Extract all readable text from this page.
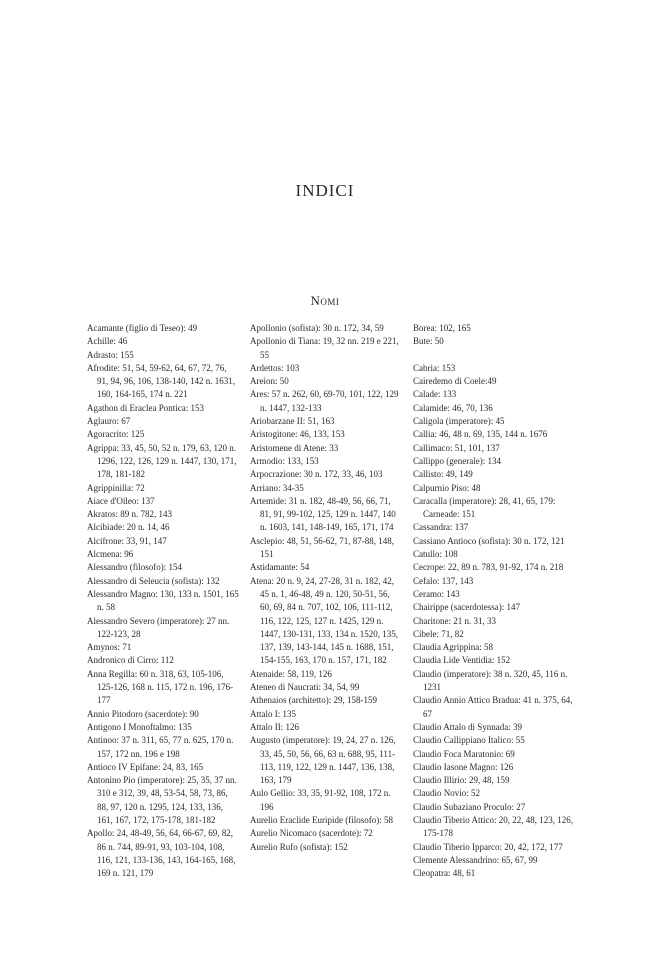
INDICI
Nomi
Acamante (figlio di Teseo): 49
Achille: 46
Adrasto: 155
Afrodite: 51, 54, 59-62, 64, 67, 72, 76, 91, 94, 96, 106, 138-140, 142 n. 1631, 160, 164-165, 174 n. 221
Agathon di Eraclea Pontica: 153
Aglauro: 67
Agoracrito: 125
Agrippa: 33, 45, 50, 52 n. 179, 63, 120 n. 1296, 122, 126, 129 n. 1447, 130, 171, 178, 181-182
Agrippinilla: 72
Aiace d'Oileo: 137
Akratos: 89 n. 782, 143
Alcibiade: 20 n. 14, 46
Alcifrone: 33, 91, 147
Alcmena: 96
Alessandro (filosofo): 154
Alessandro di Seleucia (sofista): 132
Alessandro Magno: 130, 133 n. 1501, 165 n. 58
Alessandro Severo (imperatore): 27 nn. 122-123, 28
Amynos: 71
Andronico di Cirro: 112
Anna Regilla: 60 n. 318, 63, 105-106, 125-126, 168 n. 115, 172 n. 196, 176-177
Annio Pitodoro (sacerdote): 90
Antigono I Monoftalmo: 135
Antinoo: 37 n. 311, 65, 77 n. 625, 170 n. 157, 172 nn. 196 e 198
Antioco IV Epifane: 24, 83, 165
Antonino Pio (imperatore): 25, 35, 37 nn. 310 e 312, 39, 48, 53-54, 58, 73, 86, 88, 97, 120 n. 1295, 124, 133, 136, 161, 167, 172, 175-178, 181-182
Apollo: 24, 48-49, 56, 64, 66-67, 69, 82, 86 n. 744, 89-91, 93, 103-104, 108, 116, 121, 133-136, 143, 164-165, 168, 169 n. 121, 179
Apollonio (sofista): 30 n. 172, 34, 59
Apollonio di Tiana: 19, 32 nn. 219 e 221, 55
Ardettos: 103
Areion: 50
Ares: 57 n. 262, 60, 69-70, 101, 122, 129 n. 1447, 132-133
Ariobarzane II: 51, 163
Aristogitone: 46, 133, 153
Aristomene di Atene: 33
Armodio: 133, 153
Arpocrazione: 30 n. 172, 33, 46, 103
Arriano: 34-35
Artemide: 31 n. 182, 48-49, 56, 66, 71, 81, 91, 99-102, 125, 129 n. 1447, 140 n. 1603, 141, 148-149, 165, 171, 174
Asclepio: 48, 51, 56-62, 71, 87-88, 148, 151
Astidamante: 54
Atena: 20 n. 9, 24, 27-28, 31 n. 182, 42, 45 n. 1, 46-48, 49 n. 120, 50-51, 56, 60, 69, 84 n. 707, 102, 106, 111-112, 116, 122, 125, 127 n. 1425, 129 n. 1447, 130-131, 133, 134 n. 1520, 135, 137, 139, 143-144, 145 n. 1688, 151, 154-155, 163, 170 n. 157, 171, 182
Atenaide: 58, 119, 126
Ateneo di Naucrati: 34, 54, 99
Athenaios (architetto): 29, 158-159
Attalo I: 135
Attalo II: 126
Augusto (imperatore): 19, 24, 27 n. 126, 33, 45, 50, 56, 66, 63 n. 688, 95, 111-113, 119, 122, 129 n. 1447, 136, 138, 163, 179
Aulo Gellio: 33, 35, 91-92, 108, 172 n. 196
Aurelio Eraclide Euripide (filosofo): 58
Aurelio Nicomaco (sacerdote): 72
Aurelio Rufo (sofista): 152
Borea: 102, 165
Bute: 50
Cabria: 153
Cairedemo di Coele:49
Calade: 133
Calamide: 46, 70, 136
Caligola (imperatore): 45
Callia: 46, 48 n. 69, 135, 144 n. 1676
Callimaco: 51, 101, 137
Callippo (generale): 134
Callisto: 49, 149
Calpurnio Piso: 48
Caracalla (imperatore): 28, 41, 65, 179: Carneade: 151
Cassandra: 137
Cassiano Antioco (sofista): 30 n. 172, 121
Catullo: 108
Cecrope: 22, 89 n. 783, 91-92, 174 n. 218
Cefalo: 137, 143
Ceramo: 143
Chairippe (sacerdotessa): 147
Charitone: 21 n. 31, 33
Cibele: 71, 82
Claudia Agrippina: 58
Claudia Lide Ventidia: 152
Claudio (imperatore): 38 n. 320, 45, 116 n. 1231
Claudio Annio Attico Bradua: 41 n. 375, 64, 67
Claudio Attalo di Synnada: 39
Claudio Callippiano Italico: 55
Claudio Foca Maratonio: 69
Claudio Iasone Magno: 126
Claudio Illirio: 29, 48, 159
Claudio Novio: 52
Claudio Subaziano Proculo: 27
Claudio Tiberio Attico: 20, 22, 48, 123, 126, 175-178
Claudio Tiberio Ipparco: 20, 42, 172, 177
Clemente Alessandrino: 65, 67, 99
Cleopatra: 48, 61
